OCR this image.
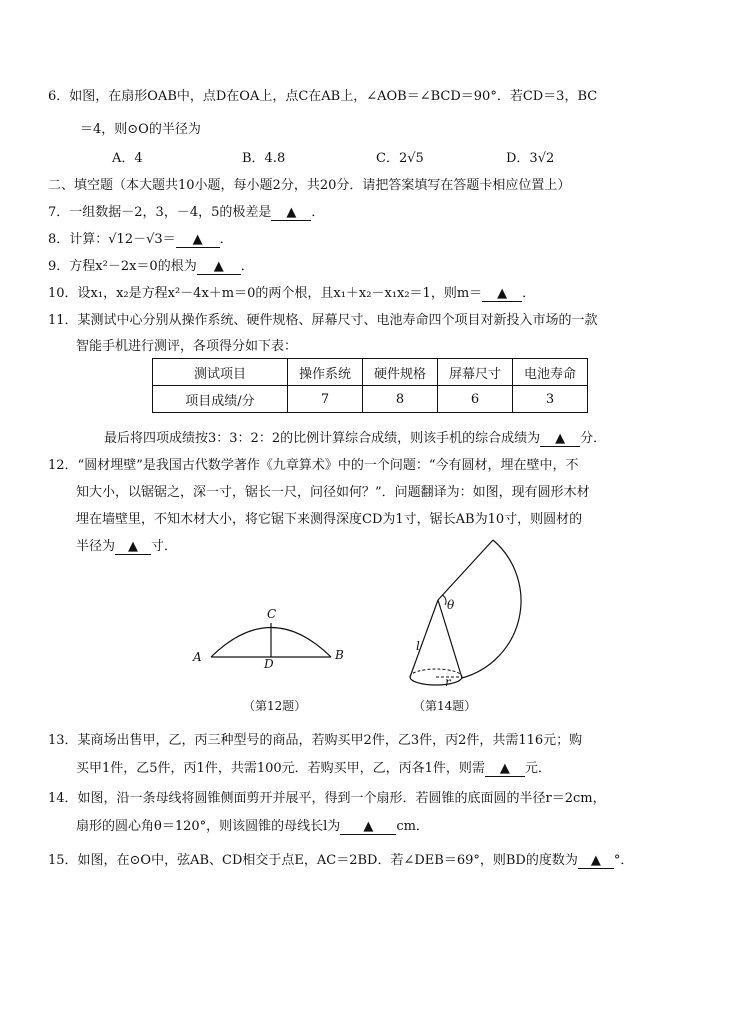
6．如图，在扇形OAB中，点D在OA上，点C在AB上，∠AOB＝∠BCD＝90°．若CD＝3，BC
＝4，则⊙O的半径为
A．4	B．4.8	C．2√5	D．3√2
二、填空题（本大题共10小题，每小题2分，共20分．请把答案填写在答题卡相应位置上）
7．一组数据－2，3，－4，5的极差是 ▲ ．
8．计算：√12－√3＝ ▲ ．
9．方程x²－2x＝0的根为 ▲ ．
10．设x₁，x₂是方程x²－4x＋m＝0的两个根，且x₁＋x₂－x₁x₂＝1，则m＝ ▲ ．
11．某测试中心分别从操作系统、硬件规格、屏幕尺寸、电池寿命四个项目对新投入市场的一款
智能手机进行测评，各项得分如下表：
测试项目	操作系统	硬件规格	屏幕尺寸	电池寿命
项目成绩/分	7	8	6	3
最后将四项成绩按3：3：2：2的比例计算综合成绩，则该手机的综合成绩为 ▲ 分．
12．“圆材埋壁”是我国古代数学著作《九章算术》中的一个问题：“今有圆材，埋在壁中，不
知大小，以锯锯之，深一寸，锯长一尺，问径如何？”．问题翻译为：如图，现有圆形木材
埋在墙壁里，不知木材大小，将它锯下来测得深度CD为1寸，锯长AB为10寸，则圆材的
半径为 ▲ 寸．
A	B
C
D
（第12题）
θ
l
r
（第14题）
13．某商场出售甲，乙，丙三种型号的商品，若购买甲2件，乙3件，丙2件，共需116元；购
买甲1件，乙5件，丙1件，共需100元．若购买甲，乙，丙各1件，则需 ▲ 元．
14．如图，沿一条母线将圆锥侧面剪开并展平，得到一个扇形．若圆锥的底面圆的半径r＝2cm，
扇形的圆心角θ＝120°，则该圆锥的母线长l为 ▲ cm．
15．如图，在⊙O中，弦AB、CD相交于点E，AC＝2BD．若∠DEB＝69°，则BD的度数为 ▲ °．
